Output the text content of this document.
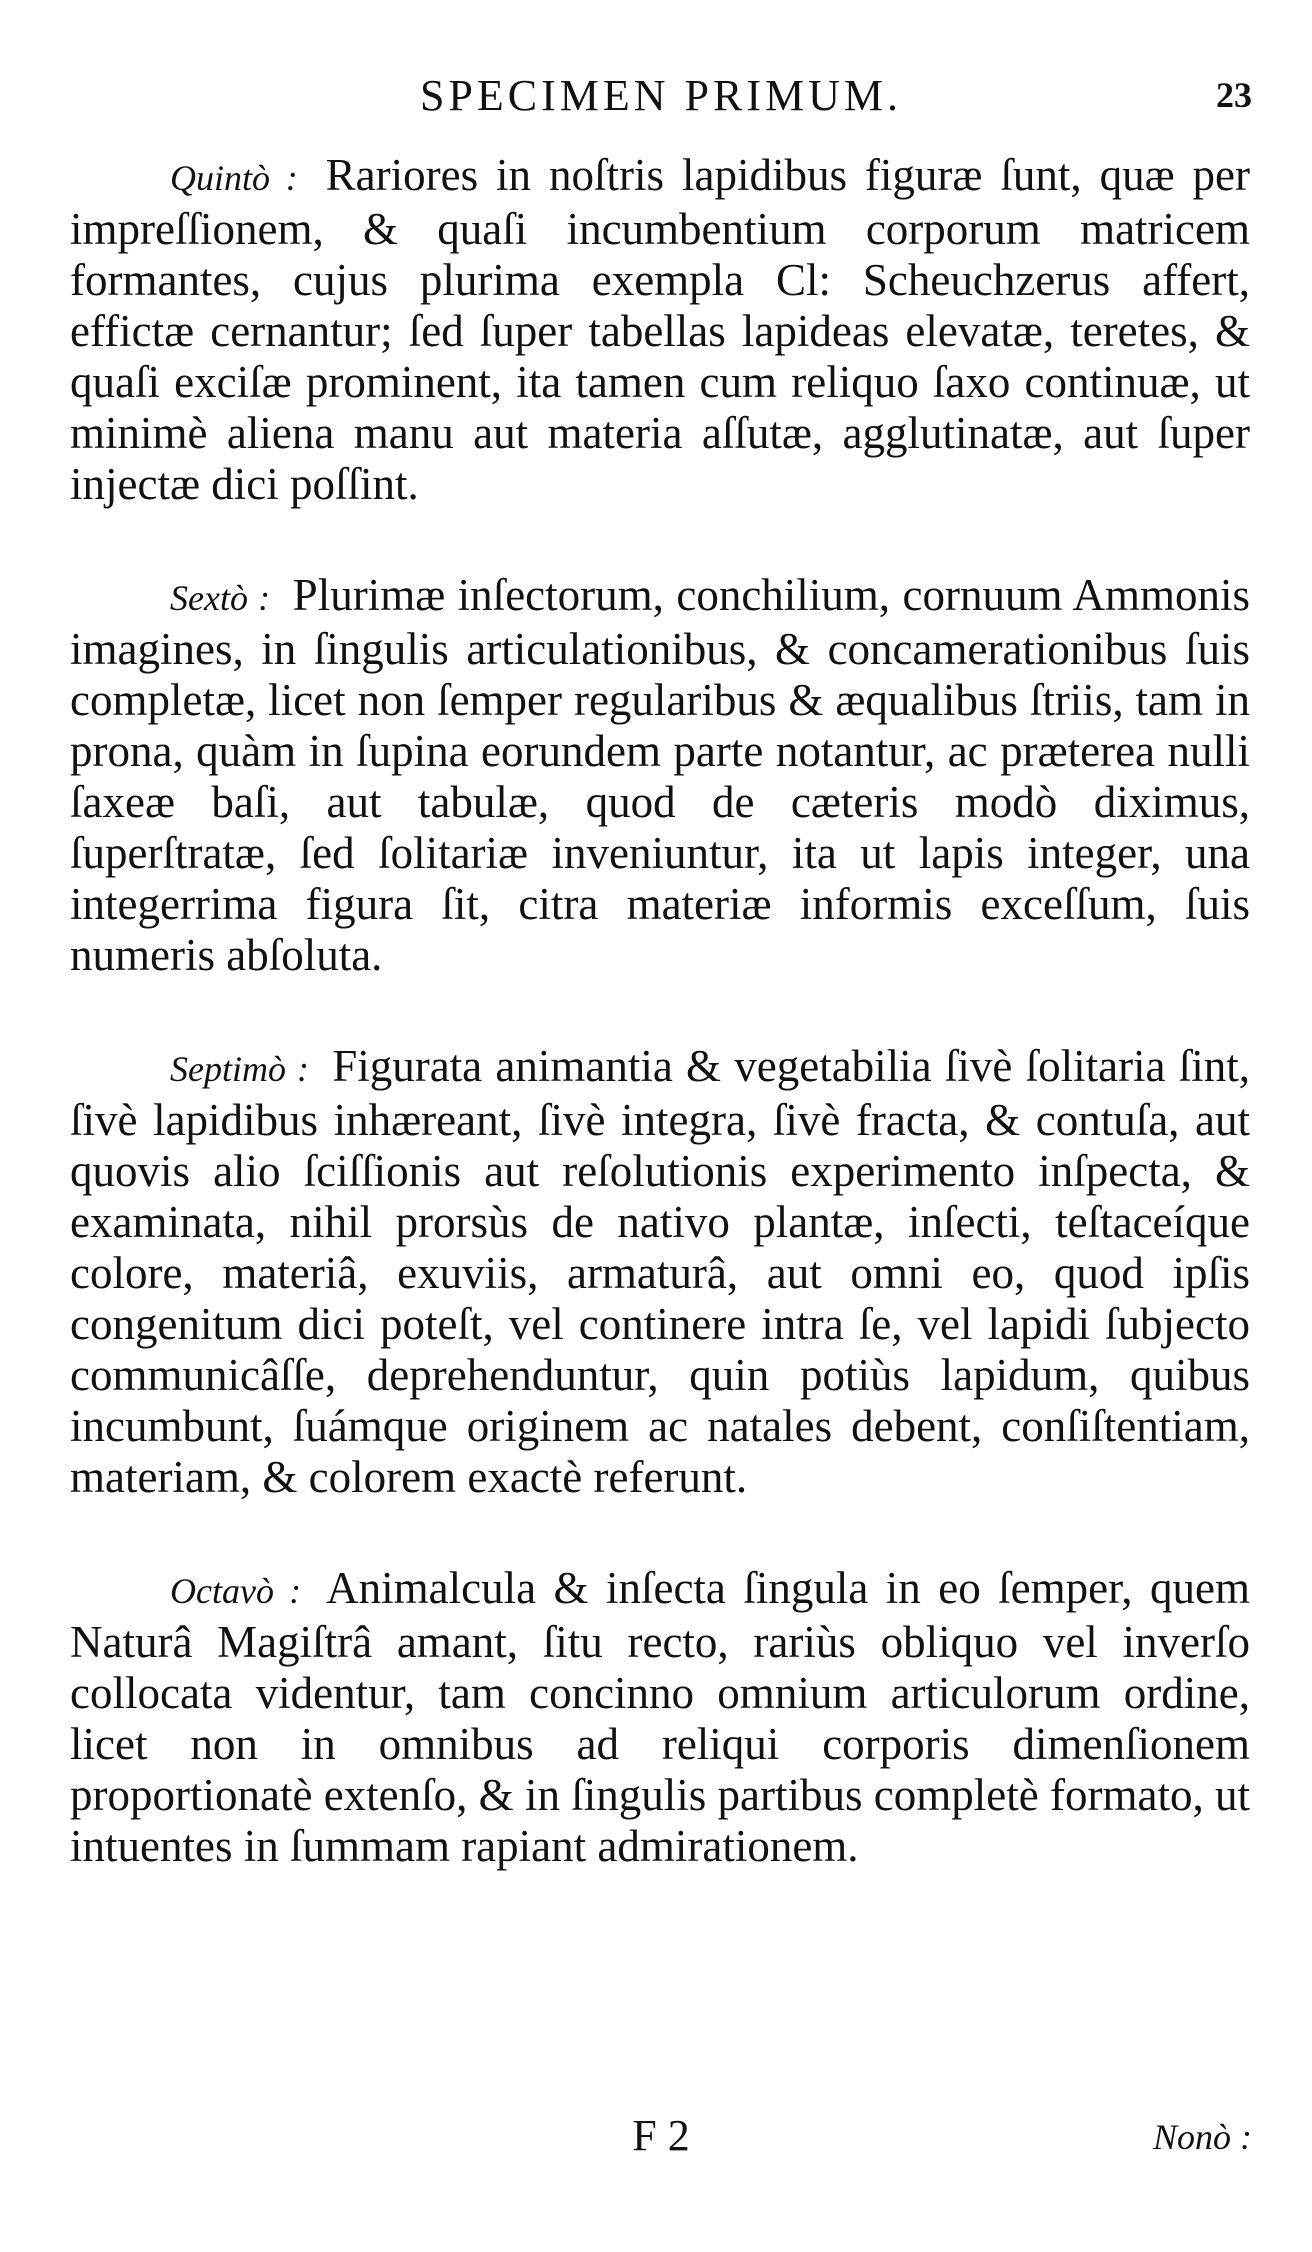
SPECIMEN PRIMUM.	23

Quintò : Rariores in noſtris lapidibus figuræ ſunt, quæ per impreſſionem, & quaſi incumbentium corporum matricem formantes, cujus plurima exempla Cl: Scheuchzerus affert, effictæ cernantur; ſed ſuper tabellas lapideas elevatæ, teretes, & quaſi exciſæ prominent, ita tamen cum reliquo ſaxo continuæ, ut minimè aliena manu aut materia aſſutæ, agglutinatæ, aut ſuper injectæ dici poſſint.

Sextò : Plurimæ inſectorum, conchilium, cornuum Ammonis imagines, in ſingulis articulationibus, & concamerationibus ſuis completæ, licet non ſemper regularibus & æqualibus ſtriis, tam in prona, quàm in ſupina eorundem parte notantur, ac præterea nulli ſaxeæ baſi, aut tabulæ, quod de cæteris modò diximus, ſuperſtratæ, ſed ſolitariæ inveniuntur, ita ut lapis integer, una integerrima figura ſit, citra materiæ informis exceſſum, ſuis numeris abſoluta.

Septimò : Figurata animantia & vegetabilia ſivè ſolitaria ſint, ſivè lapidibus inhæreant, ſivè integra, ſivè fracta, & contuſa, aut quovis alio ſciſſionis aut reſolutionis experimento inſpecta, & examinata, nihil prorsùs de nativo plantæ, inſecti, teſtaceíque colore, materiâ, exuviis, armaturâ, aut omni eo, quod ipſis congenitum dici poteſt, vel continere intra ſe, vel lapidi ſubjecto communicâſſe, deprehenduntur, quin potiùs lapidum, quibus incumbunt, ſuámque originem ac natales debent, conſiſtentiam, materiam, & colorem exactè referunt.

Octavò : Animalcula & inſecta ſingula in eo ſemper, quem Naturâ Magiſtrâ amant, ſitu recto, rariùs obliquo vel inverſo collocata videntur, tam concinno omnium articulorum ordine, licet non in omnibus ad reliqui corporis dimenſionem proportionatè extenſo, & in ſingulis partibus completè formato, ut intuentes in ſummam rapiant admirationem.

F 2	Nonò :
